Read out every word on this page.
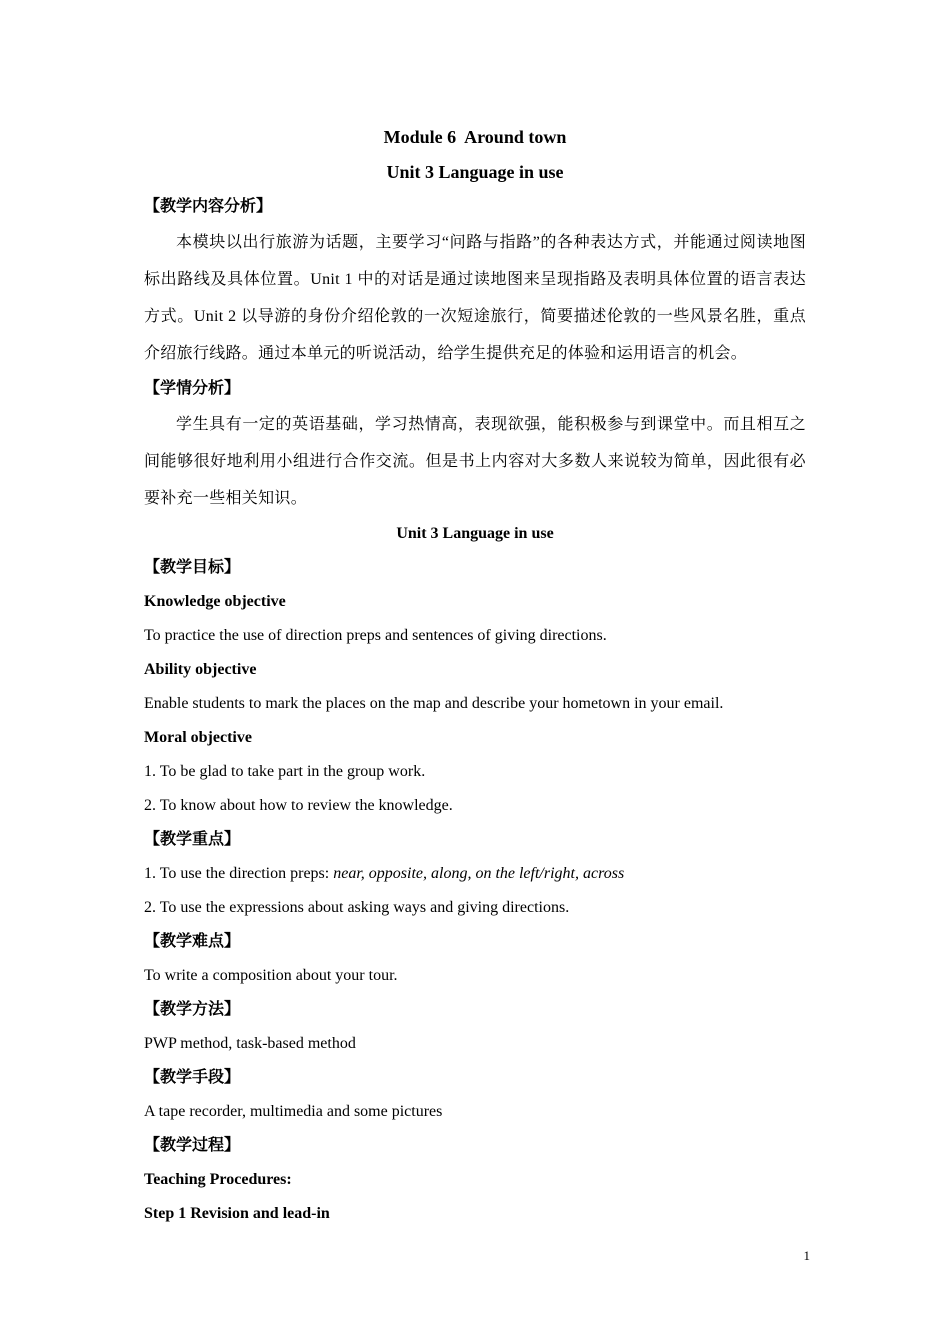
Module 6  Around town

Unit 3 Language in use

【教学内容分析】

本模块以出行旅游为话题，主要学习“问路与指路”的各种表达方式，并能通过阅读地图标出路线及具体位置。Unit 1 中的对话是通过读地图来呈现指路及表明具体位置的语言表达方式。Unit 2 以导游的身份介绍伦敦的一次短途旅行，简要描述伦敦的一些风景名胜，重点介绍旅行线路。通过本单元的听说活动，给学生提供充足的体验和运用语言的机会。

【学情分析】

学生具有一定的英语基础，学习热情高，表现欲强，能积极参与到课堂中。而且相互之间能够很好地利用小组进行合作交流。但是书上内容对大多数人来说较为简单，因此很有必要补充一些相关知识。

Unit 3 Language in use

【教学目标】

Knowledge objective

To practice the use of direction preps and sentences of giving directions.

Ability objective

Enable students to mark the places on the map and describe your hometown in your email.

Moral objective

1. To be glad to take part in the group work.

2. To know about how to review the knowledge.

【教学重点】

1. To use the direction preps: near, opposite, along, on the left/right, across

2. To use the expressions about asking ways and giving directions.

【教学难点】

To write a composition about your tour.

【教学方法】

PWP method, task-based method

【教学手段】

A tape recorder, multimedia and some pictures

【教学过程】

Teaching Procedures:

Step 1 Revision and lead-in

1
